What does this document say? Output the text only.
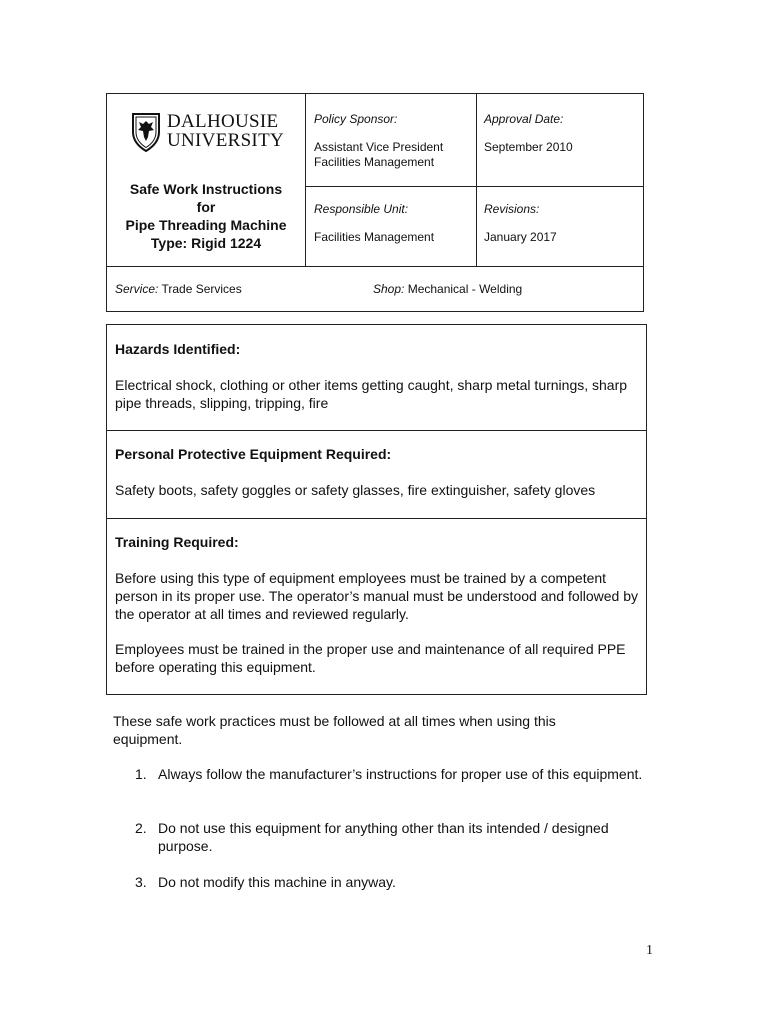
DALHOUSIE
UNIVERSITY
Safe Work Instructions
for
Pipe Threading Machine
Type: Rigid 1224
Policy Sponsor:
Assistant Vice President
Facilities Management
Approval Date:
September 2010
Responsible Unit:
Facilities Management
Revisions:
January 2017
Service: Trade Services	Shop: Mechanical - Welding
Hazards Identified:
Electrical shock, clothing or other items getting caught, sharp metal turnings, sharp pipe threads, slipping, tripping, fire
Personal Protective Equipment Required:
Safety boots, safety goggles or safety glasses, fire extinguisher, safety gloves
Training Required:

Before using this type of equipment employees must be trained by a competent person in its proper use. The operator’s manual must be understood and followed by the operator at all times and reviewed regularly.

Employees must be trained in the proper use and maintenance of all required PPE before operating this equipment.

These safe work practices must be followed at all times when using this equipment.
1. Always follow the manufacturer’s instructions for proper use of this equipment.
2. Do not use this equipment for anything other than its intended / designed purpose.
3. Do not modify this machine in anyway.
1
